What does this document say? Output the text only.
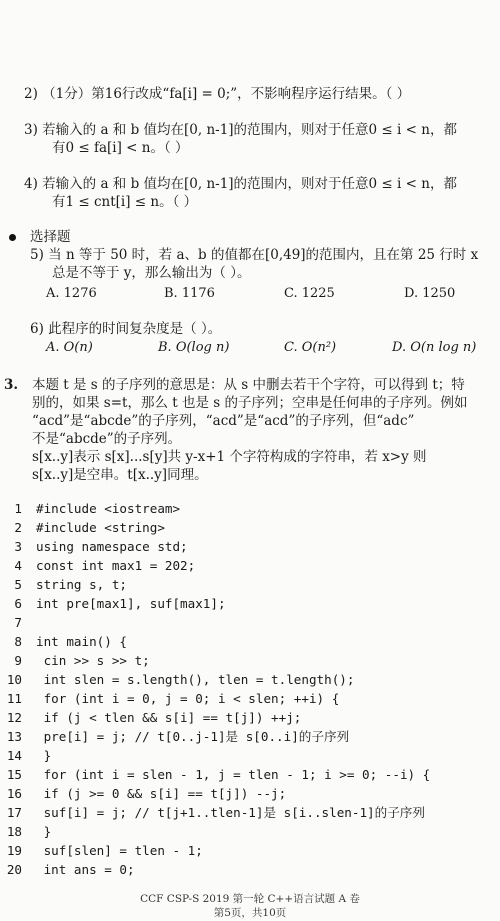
2) （1分）第16行改成“fa[i] = 0;”，不影响程序运行结果。（ ）
3) 若输入的 a 和 b 值均在[0, n-1]的范围内，则对于任意0 ≤ i < n，都
有0 ≤ fa[i] < n。（ ）
4) 若输入的 a 和 b 值均在[0, n-1]的范围内，则对于任意0 ≤ i < n，都
有1 ≤ cnt[i] ≤ n。（ ）
选择题
5) 当 n 等于 50 时，若 a、b 的值都在[0,49]的范围内，且在第 25 行时 x
总是不等于 y，那么输出为（ ）。
A. 1276	B. 1176	C. 1225	D. 1250
6) 此程序的时间复杂度是（ ）。
A. O(n)	B. O(log n)	C. O(n²)	D. O(n log n)
3. 本题 t 是 s 的子序列的意思是：从 s 中删去若干个字符，可以得到 t；特
别的，如果 s=t，那么 t 也是 s 的子序列；空串是任何串的子序列。例如
“acd”是“abcde”的子序列，“acd”是“acd”的子序列，但“adc”
不是“abcde”的子序列。
s[x..y]表示 s[x]...s[y]共 y-x+1 个字符构成的字符串，若 x>y 则
s[x..y]是空串。t[x..y]同理。
1 #include <iostream>
2 #include <string>
3 using namespace std;
4 const int max1 = 202;
5 string s, t;
6 int pre[max1], suf[max1];
7
8 int main() {
9 cin >> s >> t;
10 int slen = s.length(), tlen = t.length();
11 for (int i = 0, j = 0; i < slen; ++i) {
12 if (j < tlen && s[i] == t[j]) ++j;
13 pre[i] = j; // t[0..j-1]是 s[0..i]的子序列
14 }
15 for (int i = slen - 1, j = tlen - 1; i >= 0; --i) {
16 if (j >= 0 && s[i] == t[j]) --j;
17 suf[i] = j; // t[j+1..tlen-1]是 s[i..slen-1]的子序列
18 }
19 suf[slen] = tlen - 1;
20 int ans = 0;
CCF CSP-S 2019 第一轮 C++语言试题 A 卷
第5页，共10页
